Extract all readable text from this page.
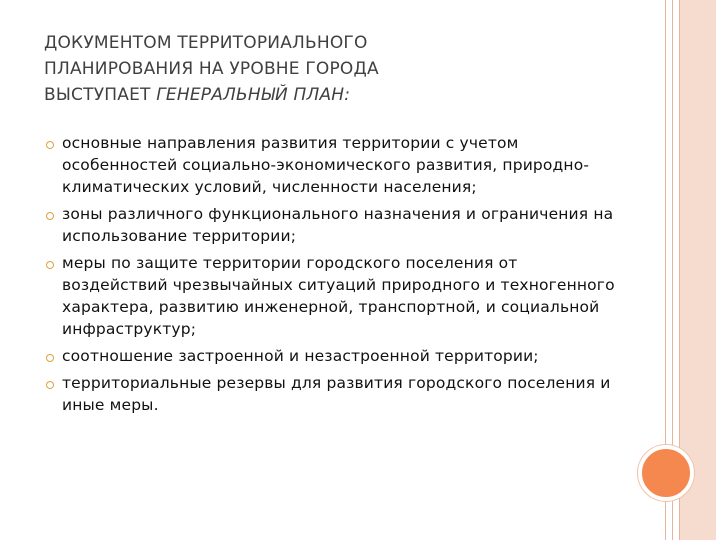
ДОКУМЕНТОМ ТЕРРИТОРИАЛЬНОГО
ПЛАНИРОВАНИЯ НА УРОВНЕ ГОРОДА
ВЫСТУПАЕТ ГЕНЕРАЛЬНЫЙ ПЛАН:
основные направления развития территории с учетом особенностей социально-экономического развития, природно-климатических условий, численности населения;
зоны различного функционального назначения и ограничения на использование территории;
меры по защите территории городского поселения от воздействий чрезвычайных ситуаций природного и техногенного характера, развитию инженерной, транспортной, и социальной инфраструктур;
соотношение застроенной и незастроенной территории;
территориальные резервы для развития городского поселения и иные меры.
